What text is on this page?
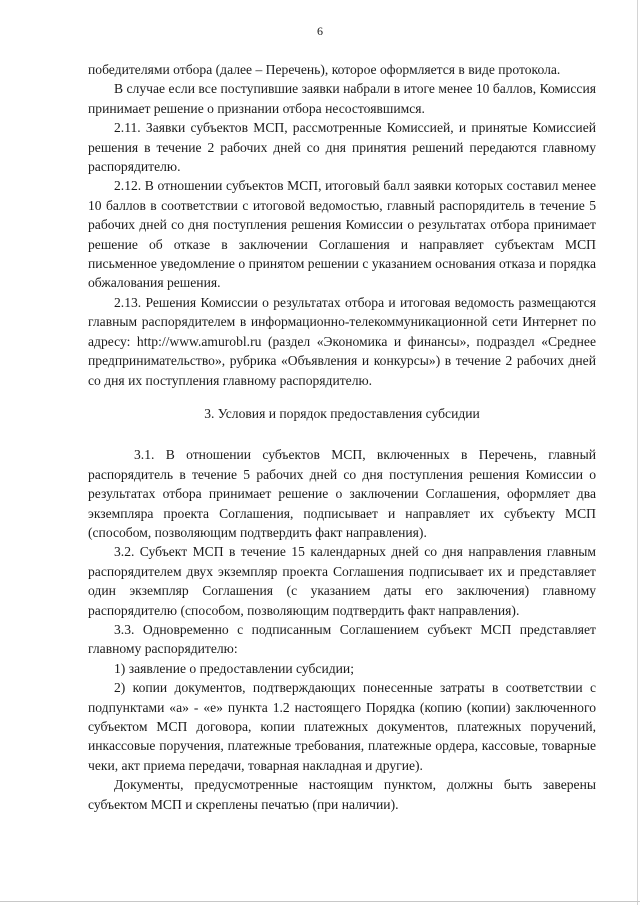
6

победителями отбора (далее – Перечень), которое оформляется в виде протокола.

В случае если все поступившие заявки набрали в итоге менее 10 баллов, Комиссия принимает решение о признании отбора несостоявшимся.

2.11. Заявки субъектов МСП, рассмотренные Комиссией, и принятые Комиссией решения в течение 2 рабочих дней со дня принятия решений передаются главному распорядителю.

2.12. В отношении субъектов МСП, итоговый балл заявки которых составил менее 10 баллов в соответствии с итоговой ведомостью, главный распорядитель в течение 5 рабочих дней со дня поступления решения Комиссии о результатах отбора принимает решение об отказе в заключении Соглашения и направляет субъектам МСП письменное уведомление о принятом решении с указанием основания отказа и порядка обжалования решения.

2.13. Решения Комиссии о результатах отбора и итоговая ведомость размещаются главным распорядителем в информационно-телекоммуникационной сети Интернет по адресу: http://www.amurobl.ru (раздел «Экономика и финансы», подраздел «Среднее предпринимательство», рубрика «Объявления и конкурсы») в течение 2 рабочих дней со дня их поступления главному распорядителю.

3. Условия и порядок предоставления субсидии

3.1. В отношении субъектов МСП, включенных в Перечень, главный распорядитель в течение 5 рабочих дней со дня поступления решения Комиссии о результатах отбора принимает решение о заключении Соглашения, оформляет два экземпляра проекта Соглашения, подписывает и направляет их субъекту МСП (способом, позволяющим подтвердить факт направления).

3.2. Субъект МСП в течение 15 календарных дней со дня направления главным распорядителем двух экземпляр проекта Соглашения подписывает их и представляет один экземпляр Соглашения (с указанием даты его заключения) главному распорядителю (способом, позволяющим подтвердить факт направления).

3.3. Одновременно с подписанным Соглашением субъект МСП представляет главному распорядителю:

1) заявление о предоставлении субсидии;

2) копии документов, подтверждающих понесенные затраты в соответствии с подпунктами «а» - «е» пункта 1.2 настоящего Порядка (копию (копии) заключенного субъектом МСП договора, копии платежных документов, платежных поручений, инкассовые поручения, платежные требования, платежные ордера, кассовые, товарные чеки, акт приема передачи, товарная накладная и другие).

Документы, предусмотренные настоящим пунктом, должны быть заверены субъектом МСП и скреплены печатью (при наличии).
